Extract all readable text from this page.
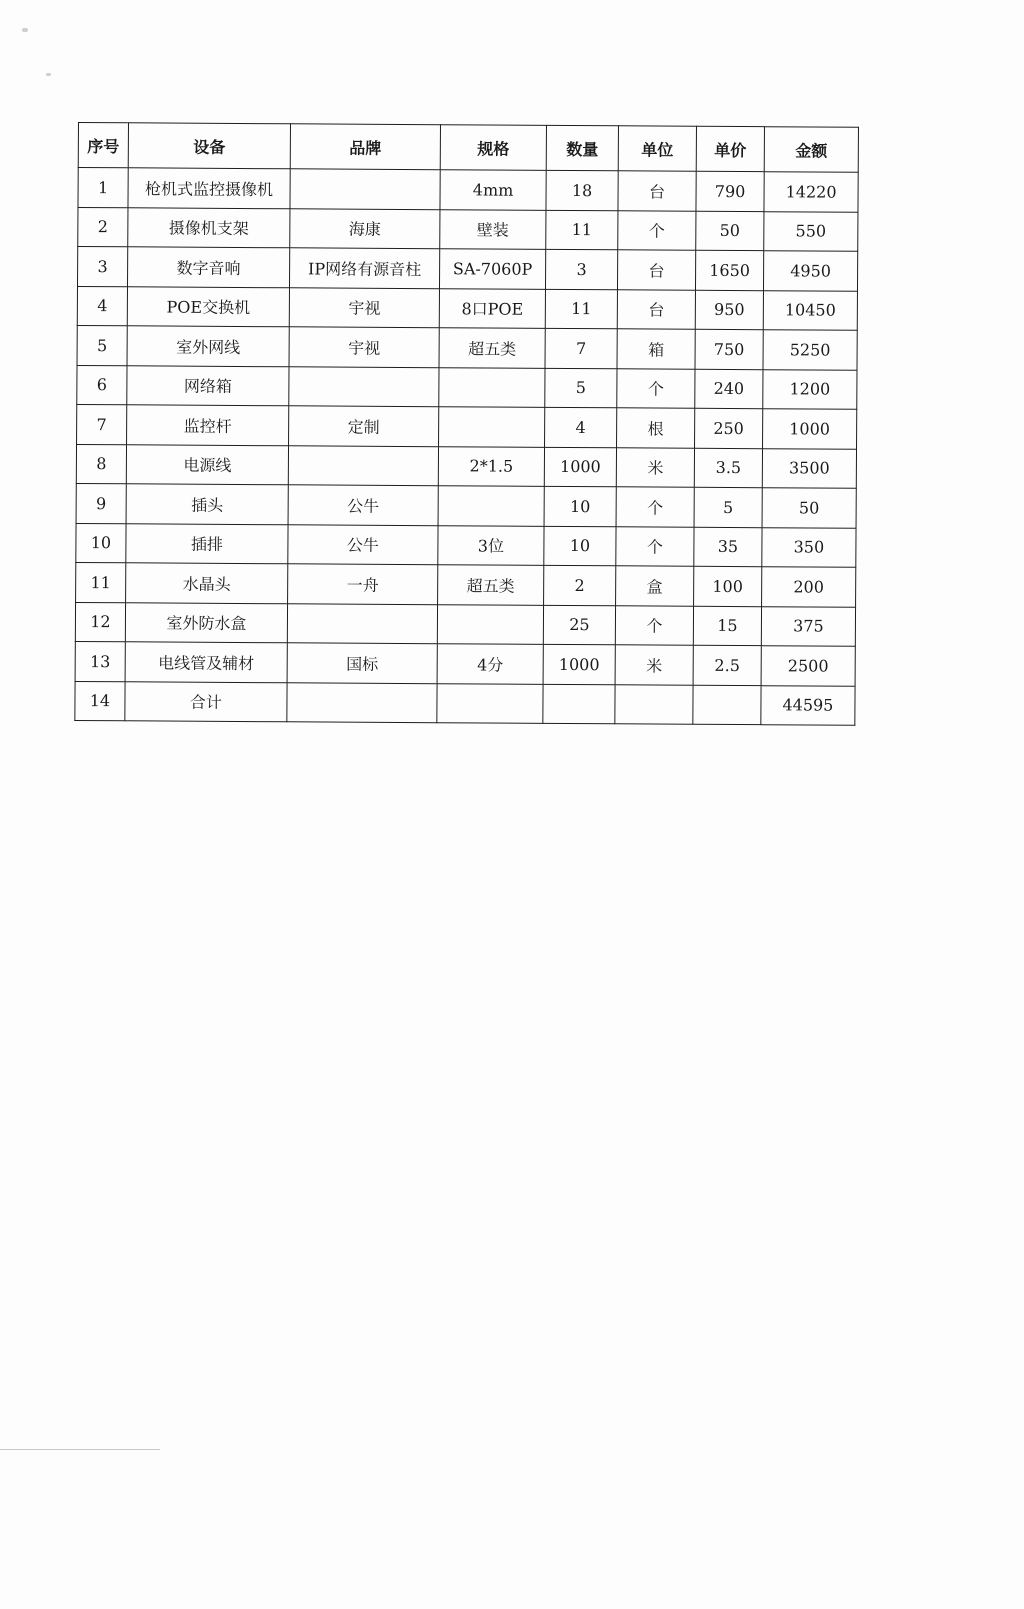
序号	设备	品牌	规格	数量	单位	单价	金额
1	枪机式监控摄像机		4mm	18	台	790	14220
2	摄像机支架	海康	壁装	11	个	50	550
3	数字音响	IP网络有源音柱	SA-7060P	3	台	1650	4950
4	POE交换机	宇视	8口POE	11	台	950	10450
5	室外网线	宇视	超五类	7	箱	750	5250
6	网络箱			5	个	240	1200
7	监控杆	定制		4	根	250	1000
8	电源线		2*1.5	1000	米	3.5	3500
9	插头	公牛		10	个	5	50
10	插排	公牛	3位	10	个	35	350
11	水晶头	一舟	超五类	2	盒	100	200
12	室外防水盒			25	个	15	375
13	电线管及辅材	国标	4分	1000	米	2.5	2500
14	合计						44595
